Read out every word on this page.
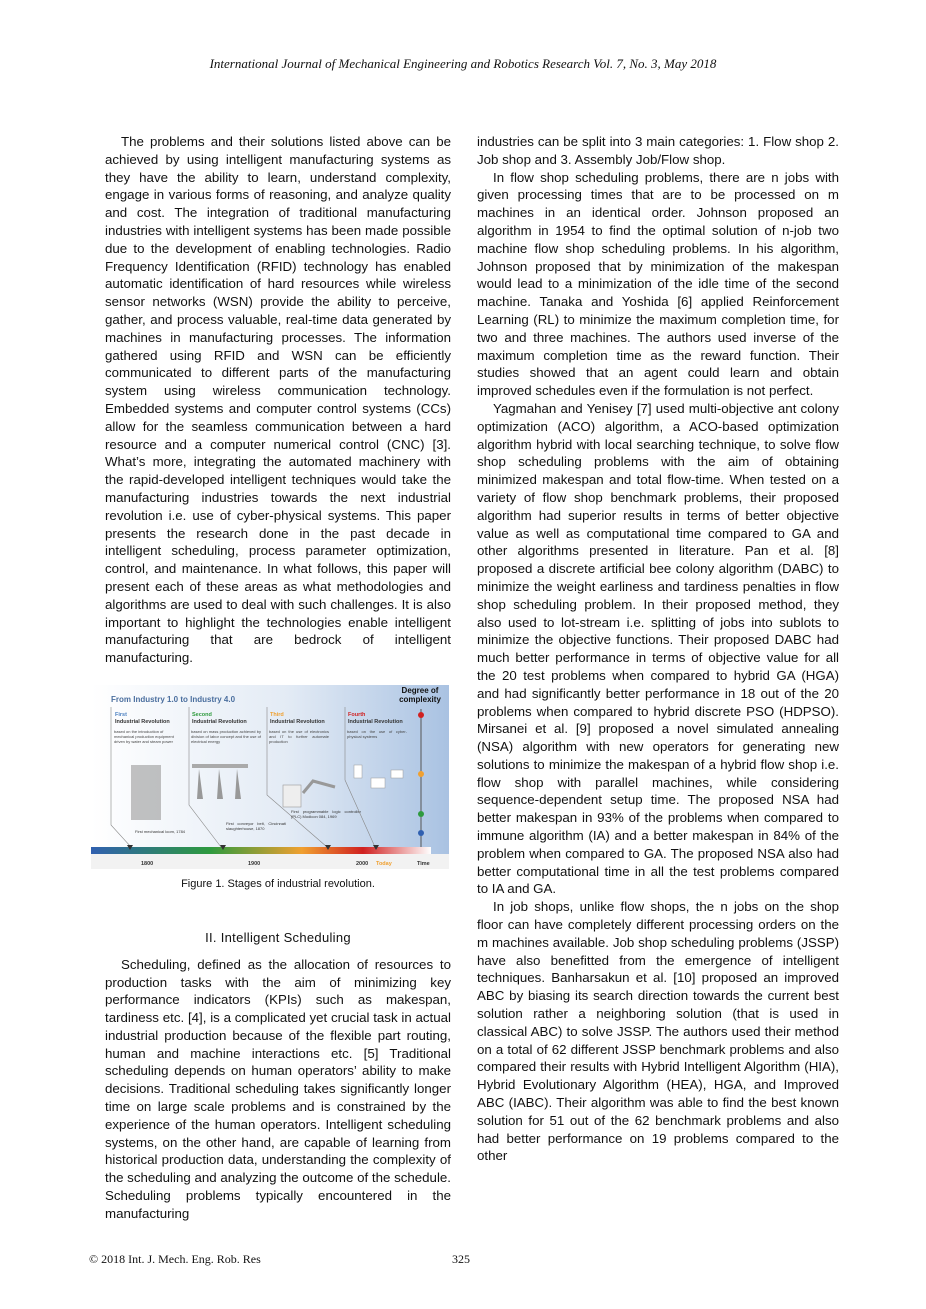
International Journal of Mechanical Engineering and Robotics Research Vol. 7, No. 3, May 2018

The problems and their solutions listed above can be achieved by using intelligent manufacturing systems as they have the ability to learn, understand complexity, engage in various forms of reasoning, and analyze quality and cost. The integration of traditional manufacturing industries with intelligent systems has been made possible due to the development of enabling technologies. Radio Frequency Identification (RFID) technology has enabled automatic identification of hard resources while wireless sensor networks (WSN) provide the ability to perceive, gather, and process valuable, real-time data generated by machines in manufacturing processes. The information gathered using RFID and WSN can be efficiently communicated to different parts of the manufacturing system using wireless communication technology. Embedded systems and computer control systems (CCs) allow for the seamless communication between a hard resource and a computer numerical control (CNC) [3]. What’s more, integrating the automated machinery with the rapid-developed intelligent techniques would take the manufacturing industries towards the next industrial revolution i.e. use of cyber-physical systems. This paper presents the research done in the past decade in intelligent scheduling, process parameter optimization, control, and maintenance. In what follows, this paper will present each of these areas as what methodologies and algorithms are used to deal with such challenges. It is also important to highlight the technologies enable intelligent manufacturing that are bedrock of intelligent manufacturing.

From Industry 1.0 to Industry 4.0
Degree of complexity
First
Industrial Revolution
based on the introduction of mechanical production equipment driven by water and steam power
First mechanical loom, 1784
Second
Industrial Revolution
based on mass production achieved by division of labor concept and the use of electrical energy
First conveyor belt, Cincinnati slaughterhouse, 1870
Third
Industrial Revolution
based on the use of electronics and IT to further automate production
First programmable logic controller (PLC) Modicon 084, 1969
Fourth
Industrial Revolution
based on the use of cyber-physical systems
1800	1900	2000 Today	Time
Figure 1. Stages of industrial revolution.
II. Intelligent Scheduling

Scheduling, defined as the allocation of resources to production tasks with the aim of minimizing key performance indicators (KPIs) such as makespan, tardiness etc. [4], is a complicated yet crucial task in actual industrial production because of the flexible part routing, human and machine interactions etc. [5] Traditional scheduling depends on human operators’ ability to make decisions. Traditional scheduling takes significantly longer time on large scale problems and is constrained by the experience of the human operators. Intelligent scheduling systems, on the other hand, are capable of learning from historical production data, understanding the complexity of the scheduling and analyzing the outcome of the schedule. Scheduling problems typically encountered in the manufacturing

industries can be split into 3 main categories: 1. Flow shop 2. Job shop and 3. Assembly Job/Flow shop.

In flow shop scheduling problems, there are n jobs with given processing times that are to be processed on m machines in an identical order. Johnson proposed an algorithm in 1954 to find the optimal solution of n-job two machine flow shop scheduling problems. In his algorithm, Johnson proposed that by minimization of the makespan would lead to a minimization of the idle time of the second machine. Tanaka and Yoshida [6] applied Reinforcement Learning (RL) to minimize the maximum completion time, for two and three machines. The authors used inverse of the maximum completion time as the reward function. Their studies showed that an agent could learn and obtain improved schedules even if the formulation is not perfect.

Yagmahan and Yenisey [7] used multi-objective ant colony optimization (ACO) algorithm, a ACO-based optimization algorithm hybrid with local searching technique, to solve flow shop scheduling problems with the aim of obtaining minimized makespan and total flow-time. When tested on a variety of flow shop benchmark problems, their proposed algorithm had superior results in terms of better objective value as well as computational time compared to GA and other algorithms presented in literature. Pan et al. [8] proposed a discrete artificial bee colony algorithm (DABC) to minimize the weight earliness and tardiness penalties in flow shop scheduling problem. In their proposed method, they also used to lot-stream i.e. splitting of jobs into sublots to minimize the objective functions. Their proposed DABC had much better performance in terms of objective value for all the 20 test problems when compared to hybrid GA (HGA) and had significantly better performance in 18 out of the 20 problems when compared to hybrid discrete PSO (HDPSO). Mirsanei et al. [9] proposed a novel simulated annealing (NSA) algorithm with new operators for generating new solutions to minimize the makespan of a hybrid flow shop i.e. flow shop with parallel machines, while considering sequence-dependent setup time. The proposed NSA had better makespan in 93% of the problems when compared to immune algorithm (IA) and a better makespan in 84% of the problem when compared to GA. The proposed NSA also had better computational time in all the test problems compared to IA and GA.

In job shops, unlike flow shops, the n jobs on the shop floor can have completely different processing orders on the m machines available. Job shop scheduling problems (JSSP) have also benefitted from the emergence of intelligent techniques. Banharsakun et al. [10] proposed an improved ABC by biasing its search direction towards the current best solution rather a neighboring solution (that is used in classical ABC) to solve JSSP. The authors used their method on a total of 62 different JSSP benchmark problems and also compared their results with Hybrid Intelligent Algorithm (HIA), Hybrid Evolutionary Algorithm (HEA), HGA, and Improved ABC (IABC). Their algorithm was able to find the best known solution for 51 out of the 62 benchmark problems and also had better performance on 19 problems compared to the other

© 2018 Int. J. Mech. Eng. Rob. Res	325
